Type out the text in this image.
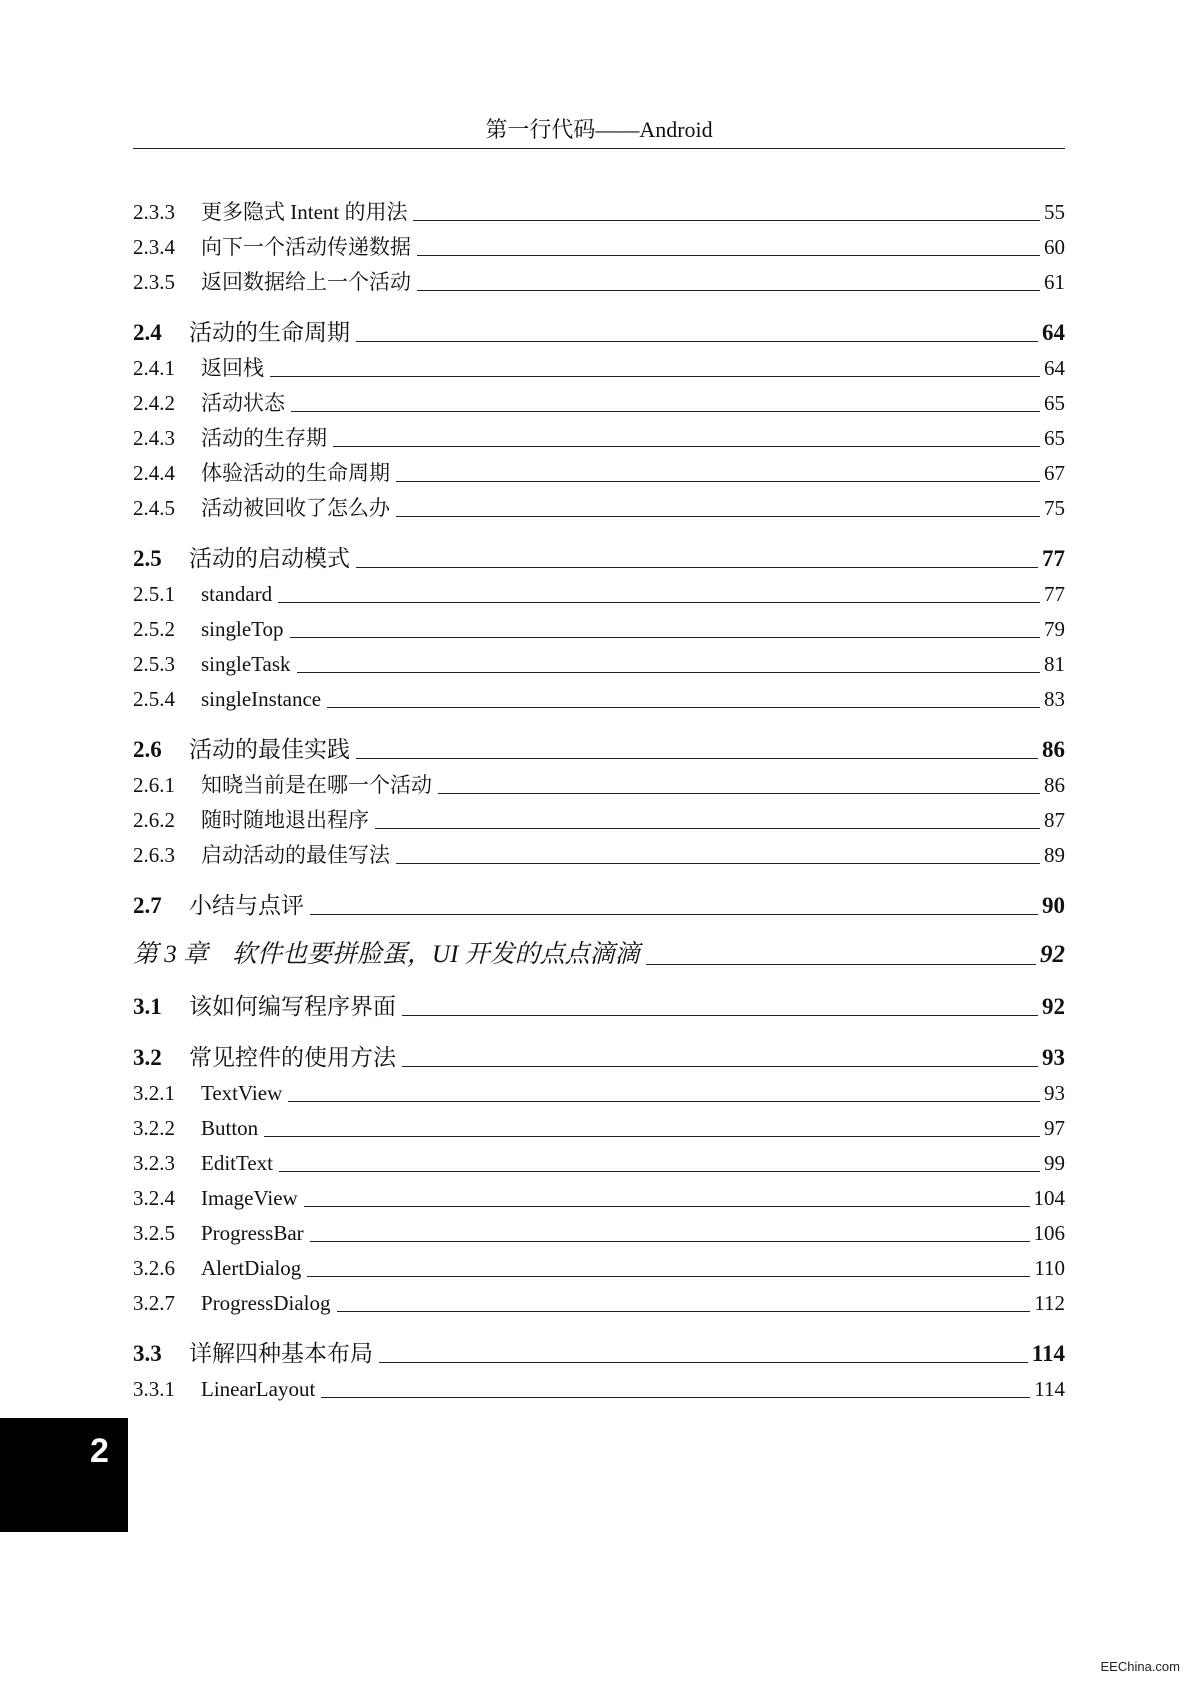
第一行代码——Android
2.3.3	更多隐式 Intent 的用法	55
2.3.4	向下一个活动传递数据	60
2.3.5	返回数据给上一个活动	61
2.4	活动的生命周期	64
2.4.1	返回栈	64
2.4.2	活动状态	65
2.4.3	活动的生存期	65
2.4.4	体验活动的生命周期	67
2.4.5	活动被回收了怎么办	75
2.5	活动的启动模式	77
2.5.1	standard	77
2.5.2	singleTop	79
2.5.3	singleTask	81
2.5.4	singleInstance	83
2.6	活动的最佳实践	86
2.6.1	知晓当前是在哪一个活动	86
2.6.2	随时随地退出程序	87
2.6.3	启动活动的最佳写法	89
2.7	小结与点评	90
第 3 章 软件也要拼脸蛋，UI 开发的点点滴滴	92
3.1	该如何编写程序界面	92
3.2	常见控件的使用方法	93
3.2.1	TextView	93
3.2.2	Button	97
3.2.3	EditText	99
3.2.4	ImageView	104
3.2.5	ProgressBar	106
3.2.6	AlertDialog	110
3.2.7	ProgressDialog	112
3.3	详解四种基本布局	114
3.3.1	LinearLayout	114
2
EEChina.com
